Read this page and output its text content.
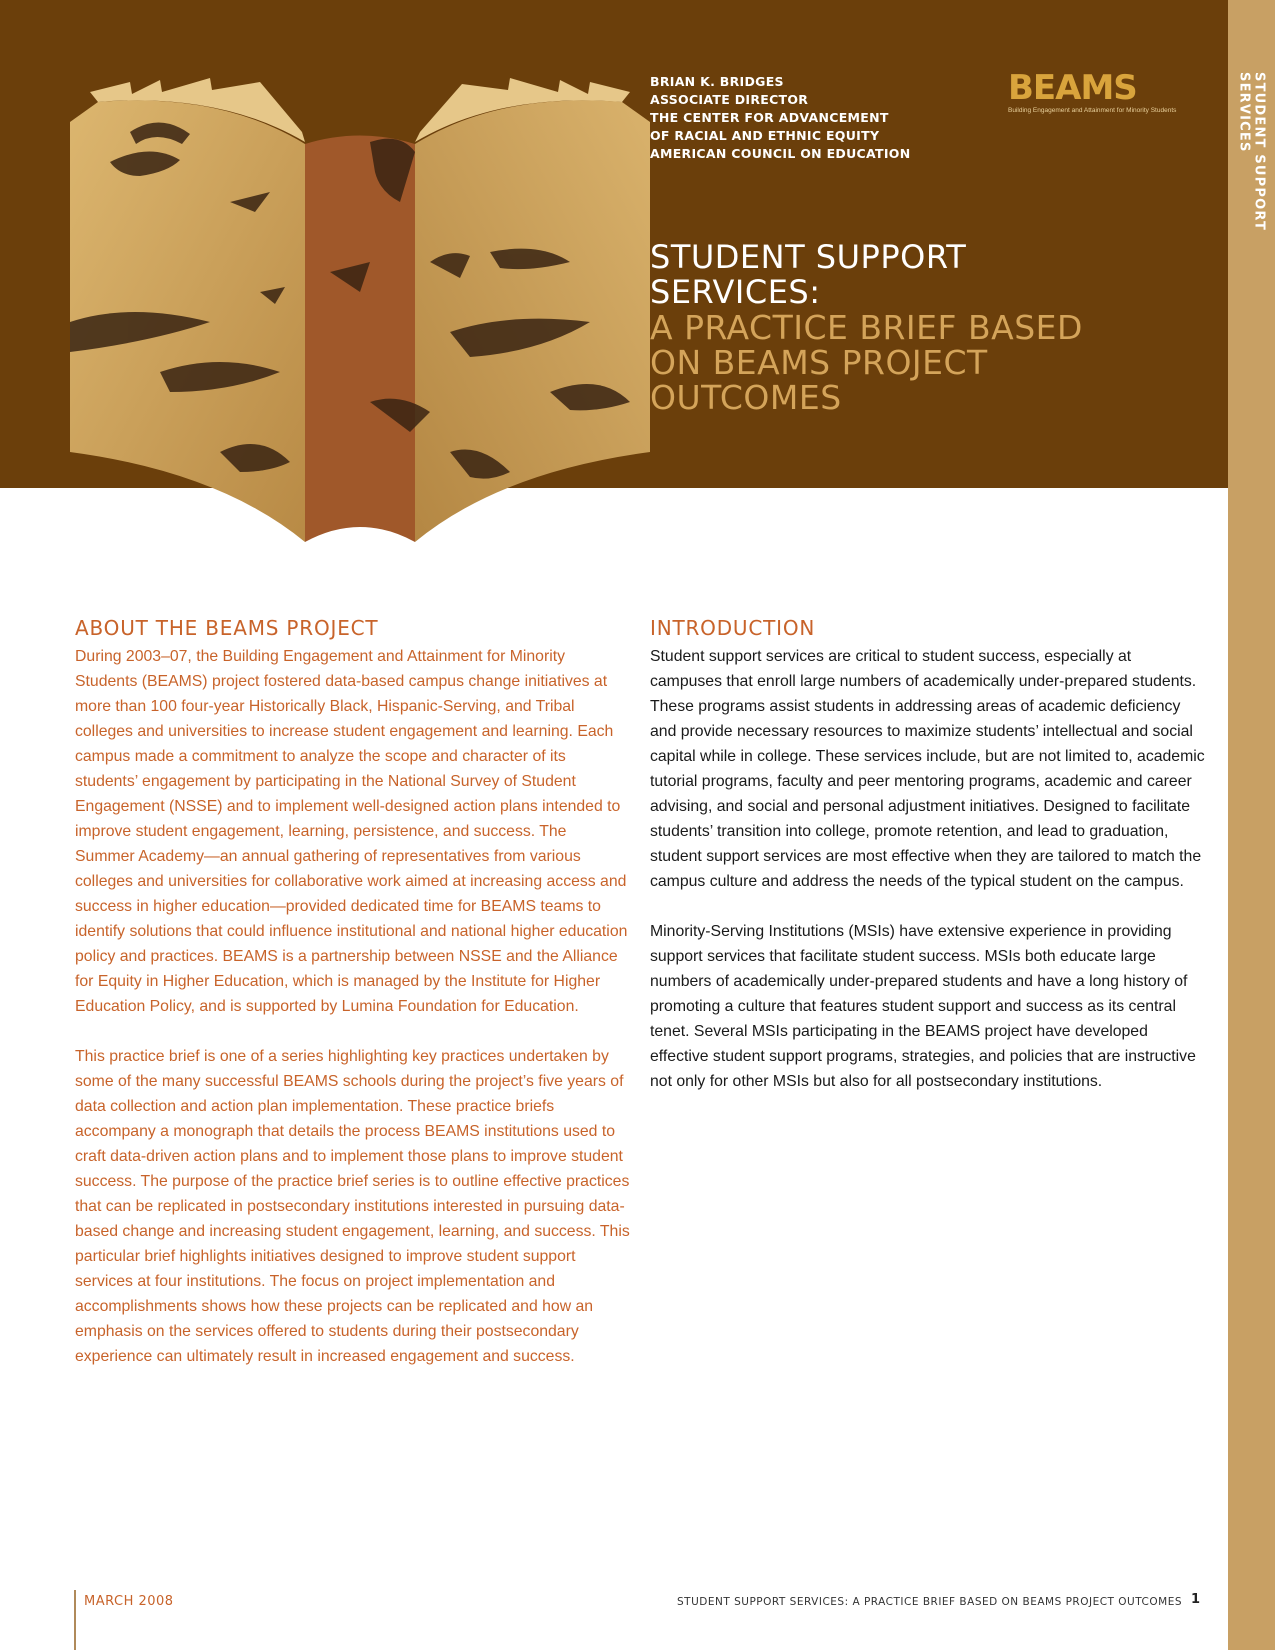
STUDENT SUPPORT SERVICES
BRIAN K. BRIDGES
ASSOCIATE DIRECTOR
THE CENTER FOR ADVANCEMENT
OF RACIAL AND ETHNIC EQUITY
AMERICAN COUNCIL ON EDUCATION
BEAMS
Building Engagement and Attainment for Minority Students
STUDENT SUPPORT
SERVICES:
A PRACTICE BRIEF BASED
ON BEAMS PROJECT
OUTCOMES
ABOUT THE BEAMS PROJECT

During 2003–07, the Building Engagement and Attainment for Minority Students (BEAMS) project fostered data-based campus change initiatives at more than 100 four-year Historically Black, Hispanic-Serving, and Tribal colleges and universities to increase student engagement and learning. Each campus made a commitment to analyze the scope and character of its students’ engagement by participating in the National Survey of Student Engagement (NSSE) and to implement well-designed action plans intended to improve student engagement, learning, persistence, and success. The Summer Academy—an annual gathering of representatives from various colleges and universities for collaborative work aimed at increasing access and success in higher education—provided dedicated time for BEAMS teams to identify solutions that could influence institutional and national higher education policy and practices. BEAMS is a partnership between NSSE and the Alliance for Equity in Higher Education, which is managed by the Institute for Higher Education Policy, and is supported by Lumina Foundation for Education.

This practice brief is one of a series highlighting key practices undertaken by some of the many successful BEAMS schools during the project’s five years of data collection and action plan implementation. These practice briefs accompany a monograph that details the process BEAMS institutions used to craft data-driven action plans and to implement those plans to improve student success. The purpose of the practice brief series is to outline effective practices that can be replicated in postsecondary institutions interested in pursuing data-based change and increasing student engagement, learning, and success. This particular brief highlights initiatives designed to improve student support services at four institutions. The focus on project implementation and accomplishments shows how these projects can be replicated and how an emphasis on the services offered to students during their postsecondary experience can ultimately result in increased engagement and success.

INTRODUCTION

Student support services are critical to student success, especially at campuses that enroll large numbers of academically under-prepared students. These programs assist students in addressing areas of academic deficiency and provide necessary resources to maximize students’ intellectual and social capital while in college. These services include, but are not limited to, academic tutorial programs, faculty and peer mentoring programs, academic and career advising, and social and personal adjustment initiatives. Designed to facilitate students’ transition into college, promote retention, and lead to graduation, student support services are most effective when they are tailored to match the campus culture and address the needs of the typical student on the campus.

Minority-Serving Institutions (MSIs) have extensive experience in providing support services that facilitate student success. MSIs both educate large numbers of academically under-prepared students and have a long history of promoting a culture that features student support and success as its central tenet. Several MSIs participating in the BEAMS project have developed effective student support programs, strategies, and policies that are instructive not only for other MSIs but also for all postsecondary institutions.

MARCH 2008	STUDENT SUPPORT SERVICES: A PRACTICE BRIEF BASED ON BEAMS PROJECT OUTCOMES 1
